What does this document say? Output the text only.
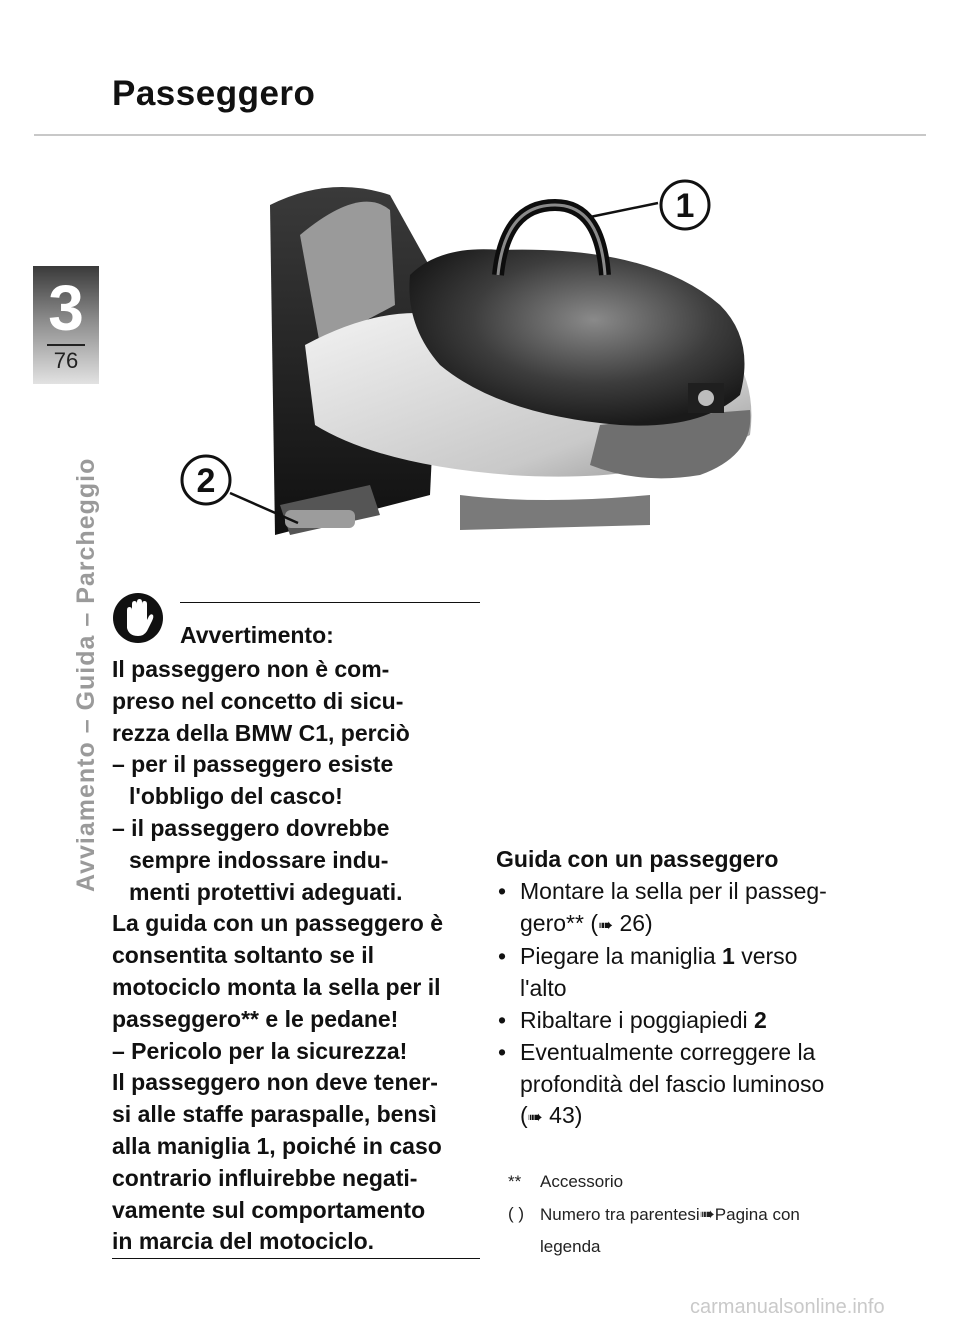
Passeggero
3
76
Avviamento – Guida – Parcheggio
1
2
Avvertimento:

Il passeggero non è com-

preso nel concetto di sicu-

rezza della BMW C1, perciò

– per il passeggero esiste

l'obbligo del casco!

– il passeggero dovrebbe

sempre indossare indu-

menti protettivi adeguati.

La guida con un passeggero è

consentita soltanto se il

motociclo monta la sella per il

passeggero** e le pedane!

– Pericolo per la sicurezza!

Il passeggero non deve tener-

si alle staffe paraspalle, bensì

alla maniglia 1, poiché in caso

contrario influirebbe negati-

vamente sul comportamento

in marcia del motociclo.

Guida con un passeggero

• Montare la sella per il passeg-
gero** (➠ 26)

• Piegare la maniglia 1 verso
l'alto

• Ribaltare i poggiapiedi 2

• Eventualmente correggere la
profondità del fascio luminoso
(➠ 43)

**	Accessorio
( ) Numero tra parentesi➠Pagina con
legenda
carmanualsonline.info
